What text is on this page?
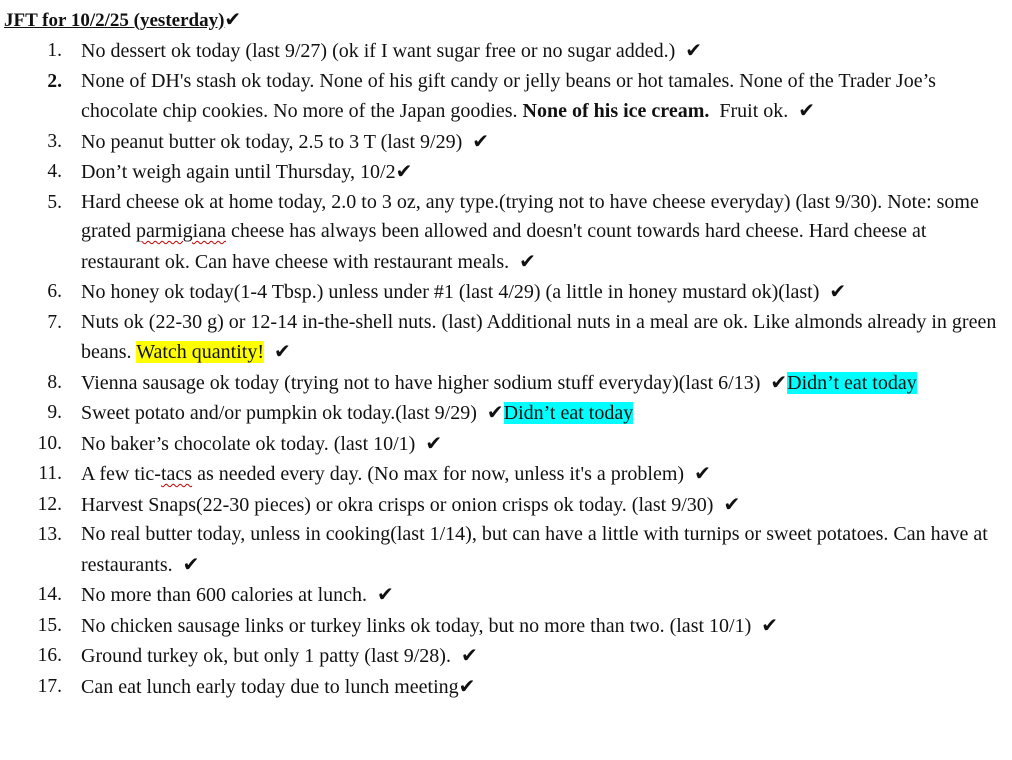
JFT for 10/2/25 (yesterday)✔
1. No dessert ok today (last 9/27) (ok if I want sugar free or no sugar added.) ✔
2. None of DH's stash ok today. None of his gift candy or jelly beans or hot tamales. None of the Trader Joe’s chocolate chip cookies. No more of the Japan goodies. None of his ice cream. Fruit ok. ✔
3. No peanut butter ok today, 2.5 to 3 T (last 9/29) ✔
4. Don’t weigh again until Thursday, 10/2✔
5. Hard cheese ok at home today, 2.0 to 3 oz, any type.(trying not to have cheese everyday) (last 9/30). Note: some grated parmigiana cheese has always been allowed and doesn't count towards hard cheese. Hard cheese at restaurant ok. Can have cheese with restaurant meals. ✔
6. No honey ok today(1-4 Tbsp.) unless under #1 (last 4/29) (a little in honey mustard ok)(last) ✔
7. Nuts ok (22-30 g) or 12-14 in-the-shell nuts. (last) Additional nuts in a meal are ok. Like almonds already in green beans. Watch quantity! ✔
8. Vienna sausage ok today (trying not to have higher sodium stuff everyday)(last 6/13) ✔Didn’t eat today
9. Sweet potato and/or pumpkin ok today.(last 9/29) ✔Didn’t eat today
10. No baker’s chocolate ok today. (last 10/1) ✔
11. A few tic-tacs as needed every day. (No max for now, unless it's a problem) ✔
12. Harvest Snaps(22-30 pieces) or okra crisps or onion crisps ok today. (last 9/30) ✔
13. No real butter today, unless in cooking(last 1/14), but can have a little with turnips or sweet potatoes. Can have at restaurants. ✔
14. No more than 600 calories at lunch. ✔
15. No chicken sausage links or turkey links ok today, but no more than two. (last 10/1) ✔
16. Ground turkey ok, but only 1 patty (last 9/28). ✔
17. Can eat lunch early today due to lunch meeting✔
